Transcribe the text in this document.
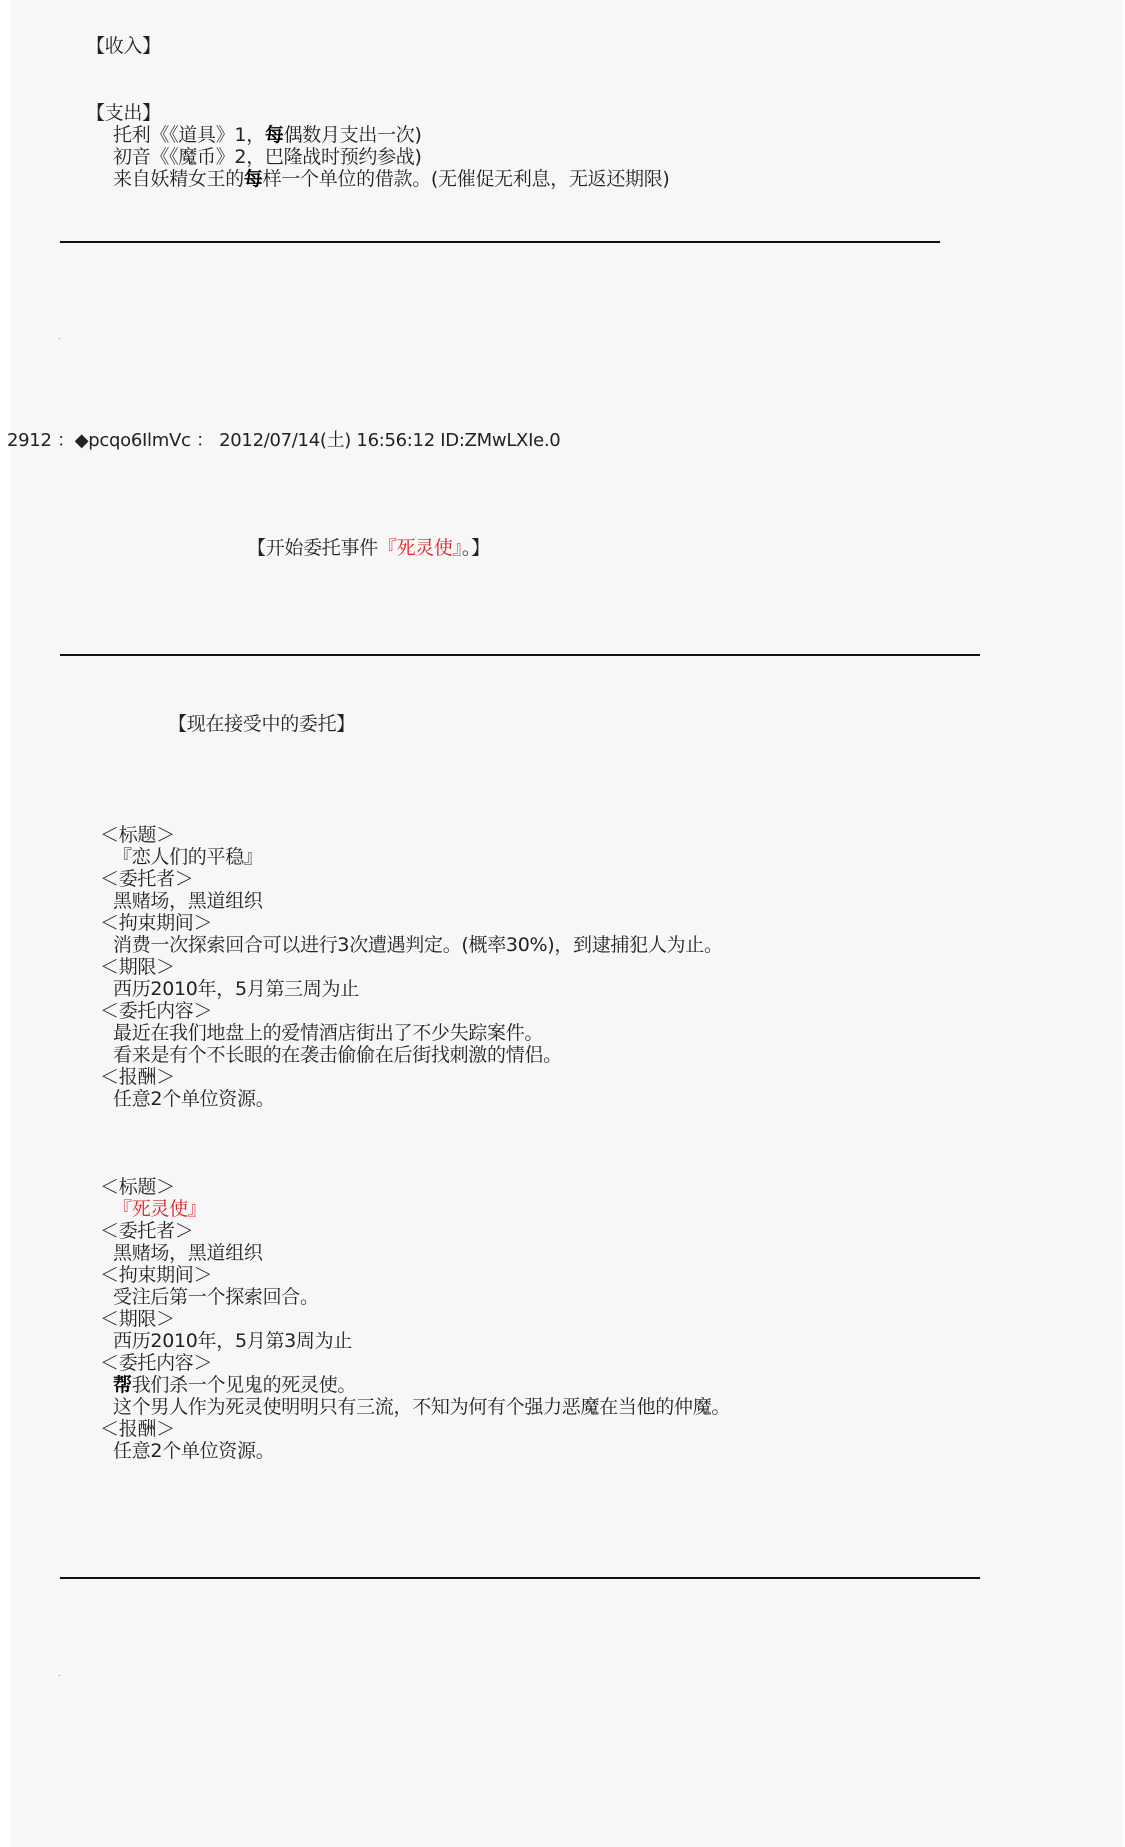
【收入】
【支出】
托利《《道具》1，每偶数月支出一次)
初音《《魔币》2，巴隆战时预约参战)
来自妖精女王的每样一个单位的借款。(无催促无利息，无返还期限)
2912 ：◆pcqo6IlmVc ： 2012/07/14(土) 16:56:12 ID:ZMwLXIe.0
【开始委托事件『死灵使』。】
【现在接受中的委托】
＜标题＞
『恋人们的平稳』
＜委托者＞
黑赌场，黑道组织
＜拘束期间＞
消费一次探索回合可以进行3次遭遇判定。(概率30%)，到逮捕犯人为止。
＜期限＞
西历2010年，5月第三周为止
＜委托内容＞
最近在我们地盘上的爱情酒店街出了不少失踪案件。
看来是有个不长眼的在袭击偷偷在后街找刺激的情侣。
＜报酬＞
任意2个单位资源。
＜标题＞
『死灵使』
＜委托者＞
黑赌场，黑道组织
＜拘束期间＞
受注后第一个探索回合。
＜期限＞
西历2010年，5月第3周为止
＜委托内容＞
帮我们杀一个见鬼的死灵使。
这个男人作为死灵使明明只有三流，不知为何有个强力恶魔在当他的仲魔。
＜报酬＞
任意2个单位资源。
